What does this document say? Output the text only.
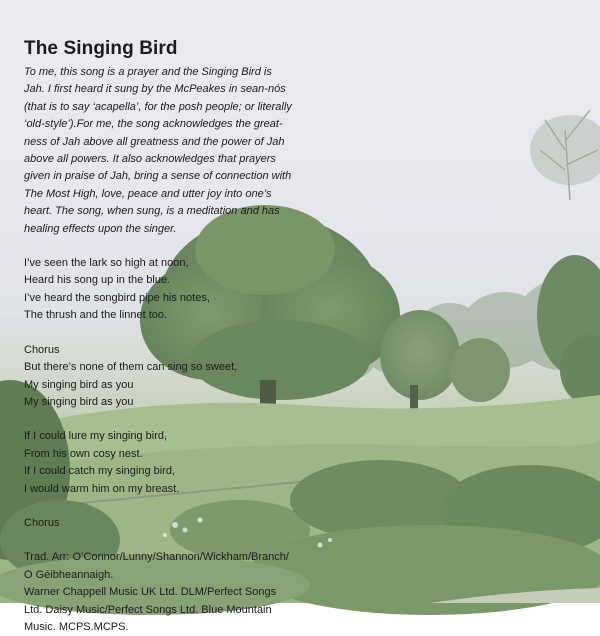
The Singing Bird

To me, this song is a prayer and the Singing Bird is

Jah. I first heard it sung by the McPeakes in sean-nós

(that is to say ‘acapella’, for the posh people; or literally

‘old-style’).For me, the song acknowledges the great-

ness of Jah above all greatness and the power of Jah

above all powers. It also acknowledges that prayers

given in praise of Jah, bring a sense of connection with

The Most High, love, peace and utter joy into one’s

heart. The song, when sung, is a meditation and has

healing effects upon the singer.

I’ve seen the lark so high at noon,

Heard his song up in the blue.

I’ve heard the songbird pipe his notes,

The thrush and the linnet too.

Chorus

But there’s none of them can sing so sweet,

My singing bird as you

My singing bird as you

If I could lure my singing bird,

From his own cosy nest.

If I could catch my singing bird,

I would warm him on my breast.

Chorus

Trad. Arr: O’Connor/Lunny/Shannon/Wickham/Branch/

O Géibheannaigh.

Warner Chappell Music UK Ltd. DLM/Perfect Songs

Ltd. Daisy Music/Perfect Songs Ltd. Blue Mountain

Music. MCPS.MCPS.
